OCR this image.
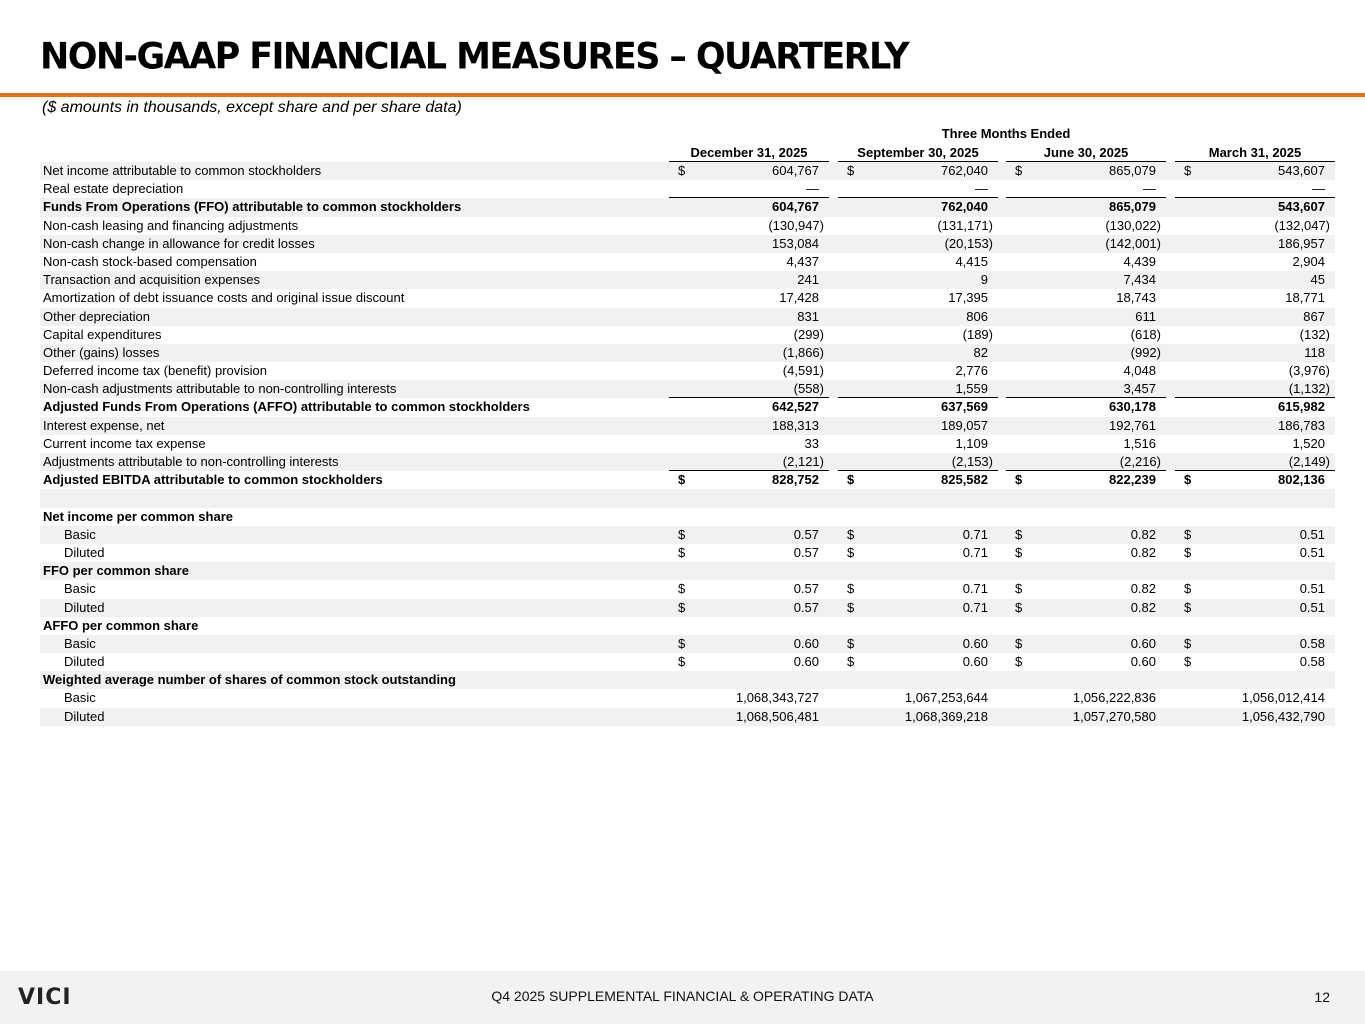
NON-GAAP FINANCIAL MEASURES – QUARTERLY

($ amounts in thousands, except share and per share data)

Three Months Ended
December 31, 2025	September 30, 2025	June 30, 2025	March 31, 2025
Net income attributable to common stockholders	$	604,767 $	762,040 $	865,079 $	543,607
Real estate depreciation	—	—	—	—
Funds From Operations (FFO) attributable to common stockholders	604,767	762,040	865,079	543,607
Non-cash leasing and financing adjustments	(130,947)	(131,171)	(130,022)	(132,047)
Non-cash change in allowance for credit losses	153,084	(20,153)	(142,001)	186,957
Non-cash stock-based compensation	4,437	4,415	4,439	2,904
Transaction and acquisition expenses	241	9	7,434	45
Amortization of debt issuance costs and original issue discount	17,428	17,395	18,743	18,771
Other depreciation	831	806	611	867
Capital expenditures	(299)	(189)	(618)	(132)
Other (gains) losses	(1,866)	82	(992)	118
Deferred income tax (benefit) provision	(4,591)	2,776	4,048	(3,976)
Non-cash adjustments attributable to non-controlling interests	(558)	1,559	3,457	(1,132)
Adjusted Funds From Operations (AFFO) attributable to common stockholders	642,527	637,569	630,178	615,982
Interest expense, net	188,313	189,057	192,761	186,783
Current income tax expense	33	1,109	1,516	1,520
Adjustments attributable to non-controlling interests	(2,121)	(2,153)	(2,216)	(2,149)
Adjusted EBITDA attributable to common stockholders	$	828,752 $	825,582 $	822,239 $	802,136
Net income per common share
Basic	$	0.57 $	0.71 $	0.82 $	0.51
Diluted	$	0.57 $	0.71 $	0.82 $	0.51
FFO per common share
Basic	$	0.57 $	0.71 $	0.82 $	0.51
Diluted	$	0.57 $	0.71 $	0.82 $	0.51
AFFO per common share
Basic	$	0.60 $	0.60 $	0.60 $	0.58
Diluted	$	0.60 $	0.60 $	0.60 $	0.58
Weighted average number of shares of common stock outstanding
Basic	1,068,343,727	1,067,253,644	1,056,222,836	1,056,012,414
Diluted	1,068,506,481	1,068,369,218	1,057,270,580	1,056,432,790
VICI	Q4 2025 SUPPLEMENTAL FINANCIAL & OPERATING DATA	12
